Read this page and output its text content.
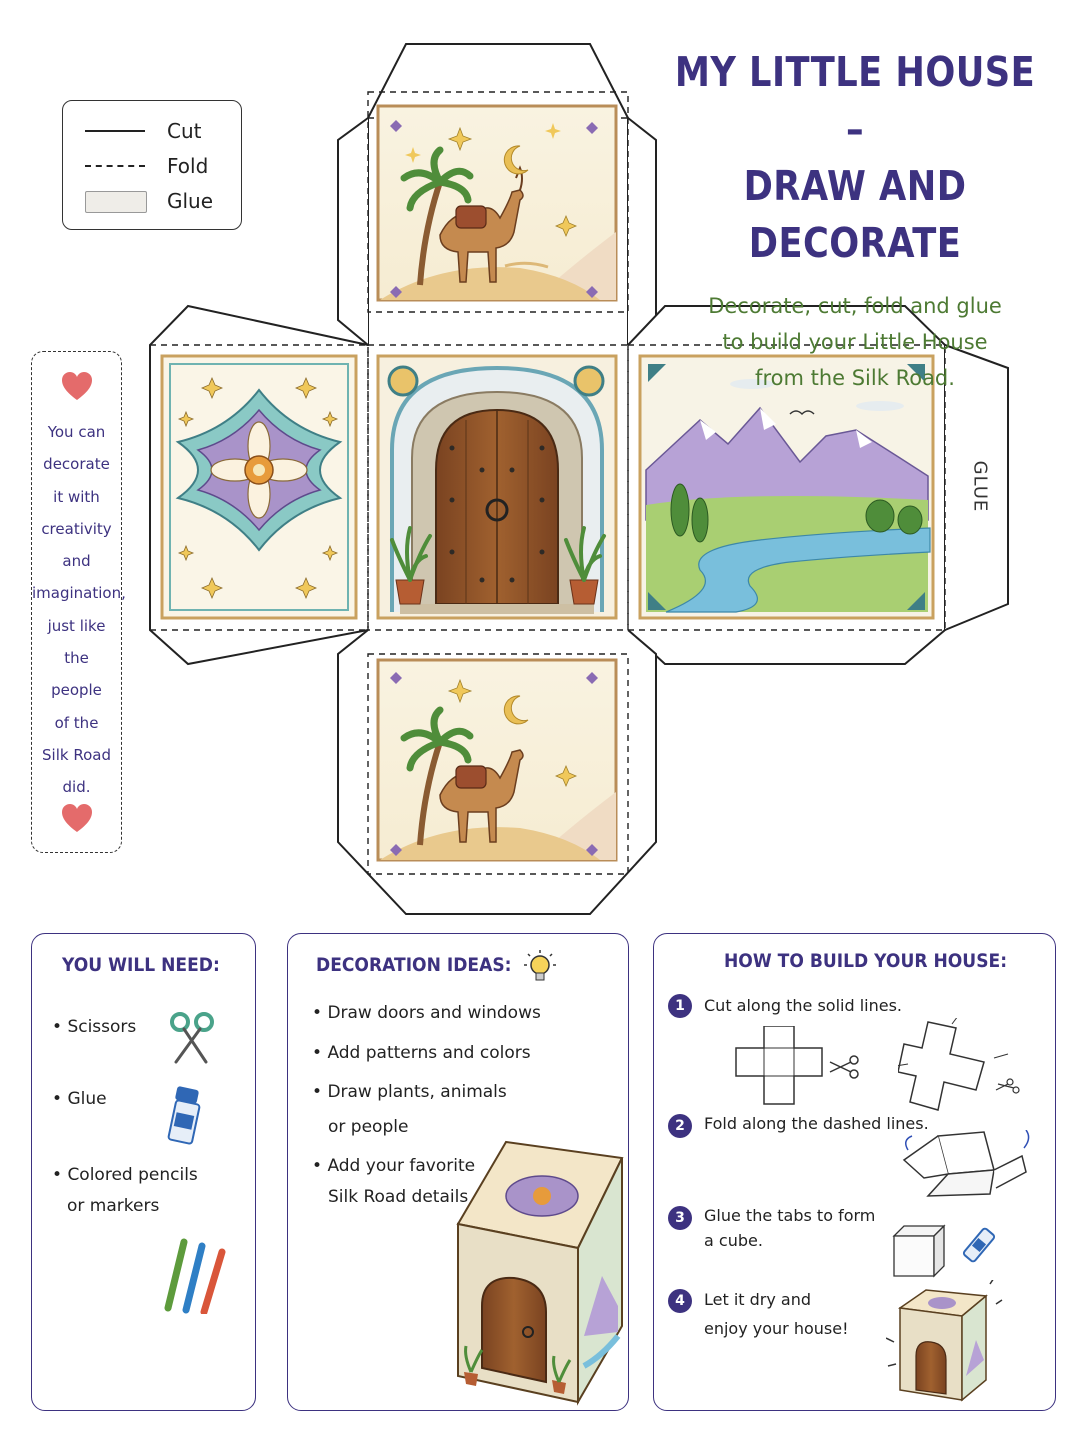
GLUE
MY LITTLE HOUSE –
DRAW AND DECORATE
Decorate, cut, fold and glue
to build your Little House
from the Silk Road.
Cut
Fold
Glue
You can
decorate
it with
creativity
and
imagination,
just like
the
people
of the
Silk Road
did.
YOU WILL NEED:
• Scissors
• Glue
• Colored pencils
or markers
DECORATION IDEAS:
• Draw doors and windows
• Add patterns and colors
• Draw plants, animals
or people
• Add your favorite
Silk Road details
HOW TO BUILD YOUR HOUSE:
1	Cut along the solid lines.
2	Fold along the dashed lines.
3	Glue the tabs to form
a cube.
4	Let it dry and
enjoy your house!
